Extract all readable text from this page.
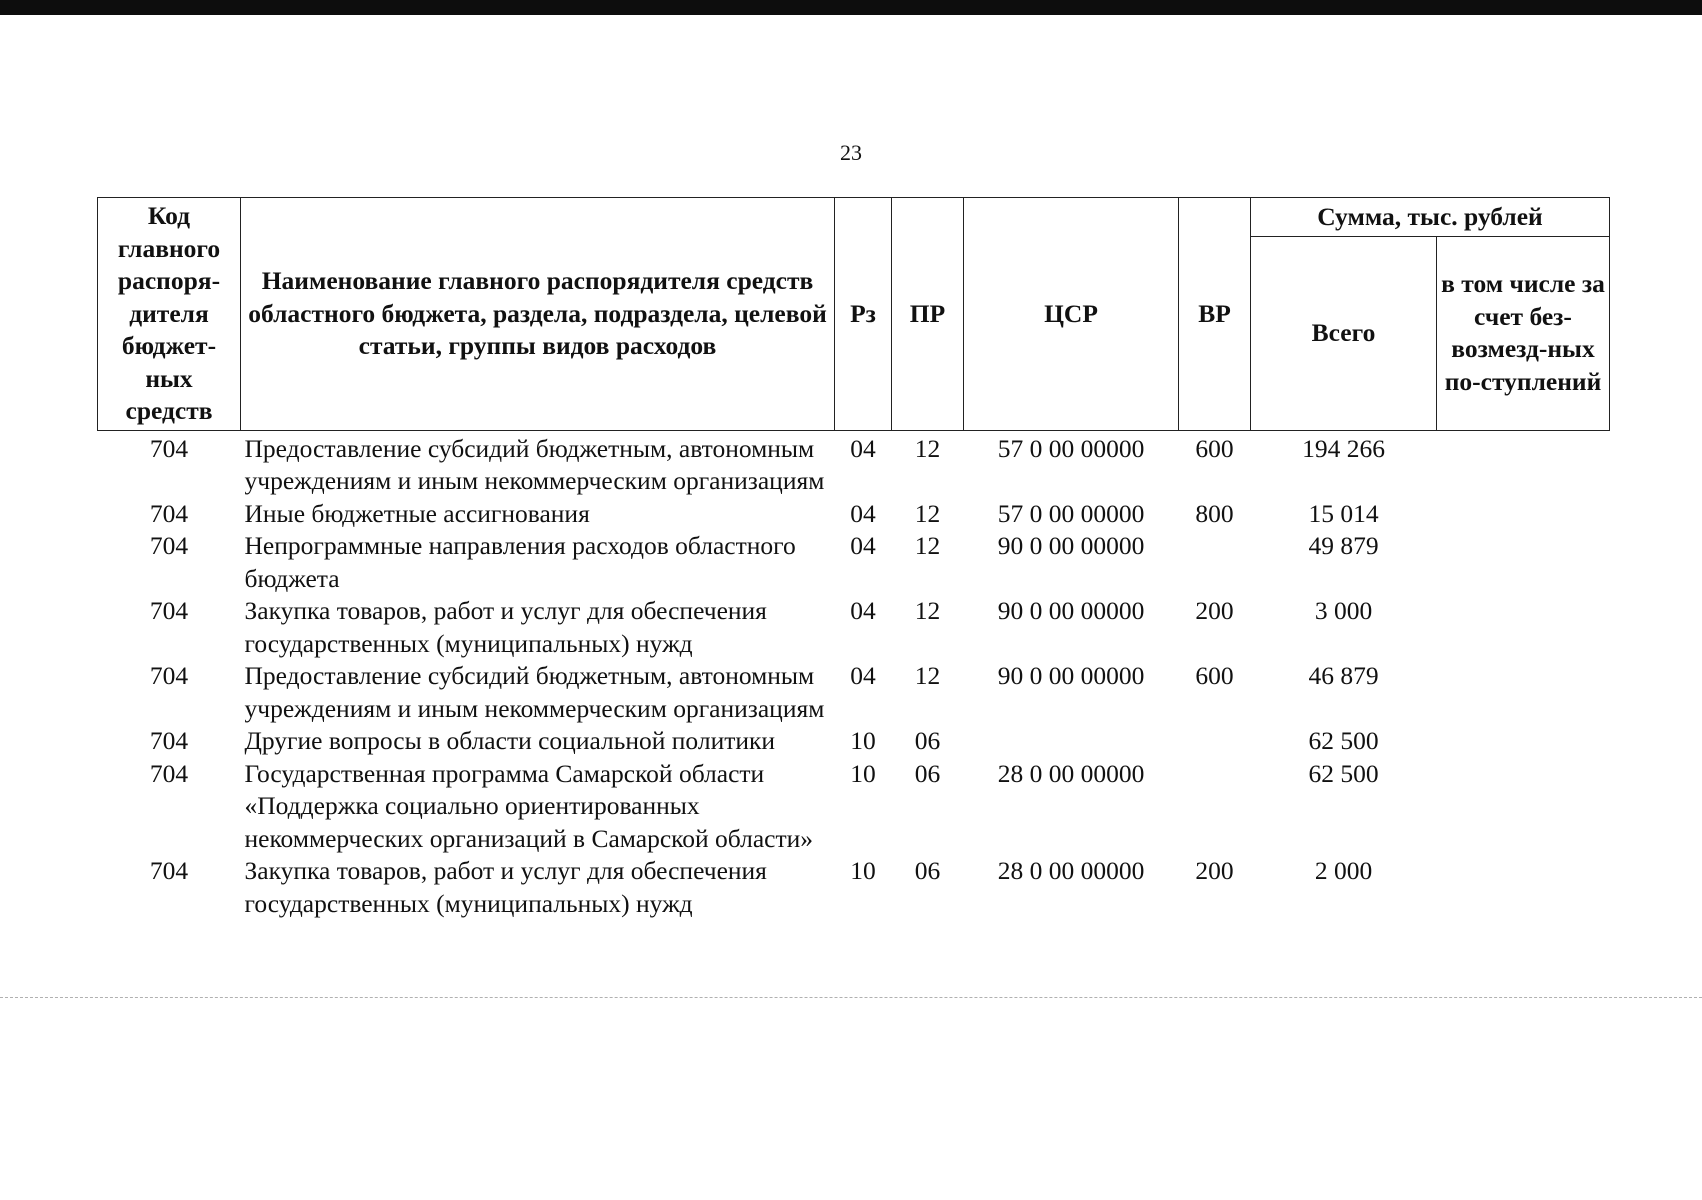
23
Код главного распоря-дителя бюджет-ных средств	Наименование главного распорядителя средств областного бюджета, раздела, подраздела, целевой статьи, группы видов расходов	Рз	ПР	ЦСР	ВР	Сумма, тыс. рублей	
						Всего	в том числе за счет без-возмезд-ных по-ступлений
704	Предоставление субсидий бюджетным, автономным учреждениям и иным некоммерческим организациям	04	12	57 0 00 00000	600	194 266	
704	Иные бюджетные ассигнования	04	12	57 0 00 00000	800	15 014	
704	Непрограммные направления расходов областного бюджета	04	12	90 0 00 00000		49 879	
704	Закупка товаров, работ и услуг для обеспечения государственных (муниципальных) нужд	04	12	90 0 00 00000	200	3 000	
704	Предоставление субсидий бюджетным, автономным учреждениям и иным некоммерческим организациям	04	12	90 0 00 00000	600	46 879	
704	Другие вопросы в области социальной политики	10	06			62 500	
704	Государственная программа Самарской области «Поддержка социально ориентированных некоммерческих организаций в Самарской области»	10	06	28 0 00 00000		62 500	
704	Закупка товаров, работ и услуг для обеспечения государственных (муниципальных) нужд	10	06	28 0 00 00000	200	2 000	
